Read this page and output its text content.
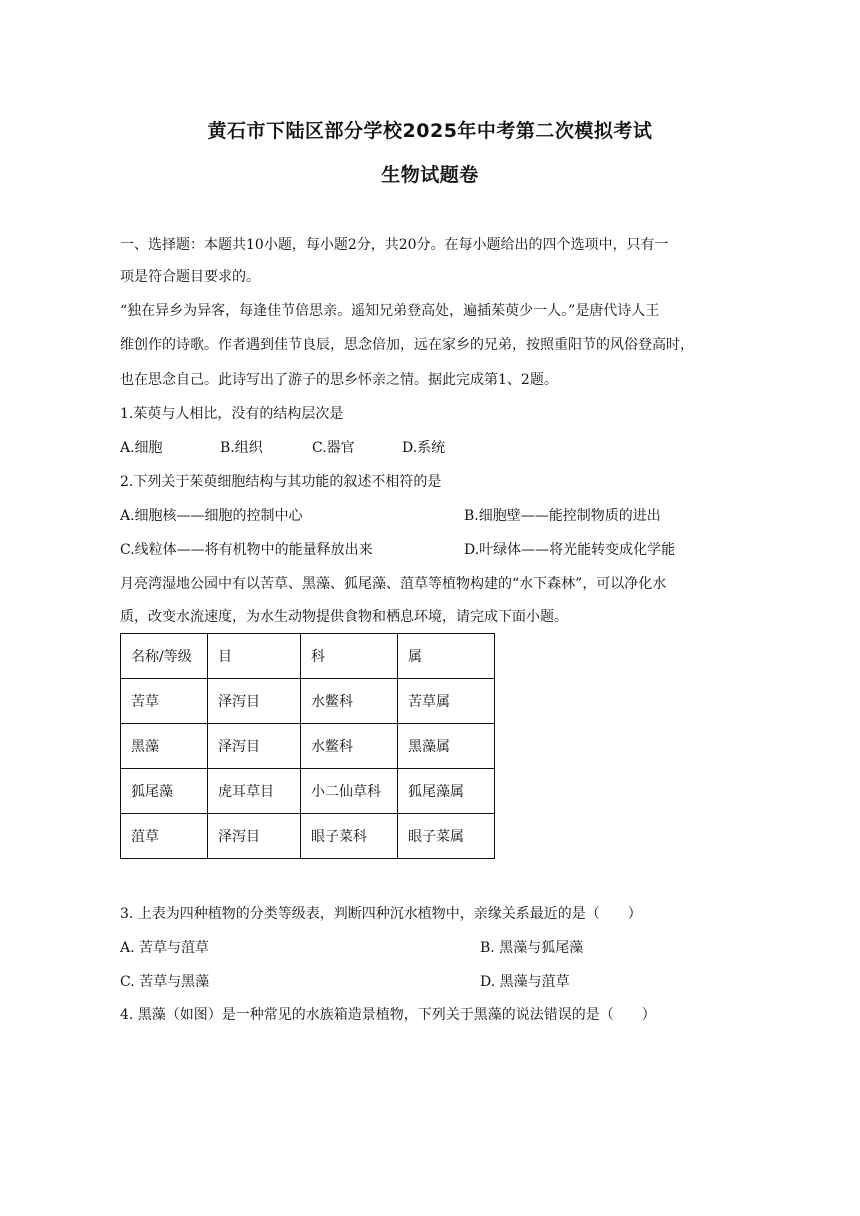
黄石市下陆区部分学校2025年中考第二次模拟考试
生物试题卷
一、选择题：本题共10小题，每小题2分，共20分。在每小题给出的四个选项中，只有一
项是符合题目要求的。
“独在异乡为异客，每逢佳节倍思亲。遥知兄弟登高处，遍插茱萸少一人。”是唐代诗人王
维创作的诗歌。作者遇到佳节良辰，思念倍加，远在家乡的兄弟，按照重阳节的风俗登高时，
也在思念自己。此诗写出了游子的思乡怀亲之情。据此完成第1、2题。
1.茱萸与人相比，没有的结构层次是
A.细胞	B.组织	C.器官	D.系统
2.下列关于茱萸细胞结构与其功能的叙述不相符的是
A.细胞核——细胞的控制中心	B.细胞壁——能控制物质的进出
C.线粒体——将有机物中的能量释放出来	D.叶绿体——将光能转变成化学能
月亮湾湿地公园中有以苦草、黑藻、狐尾藻、菹草等植物构建的“水下森林”，可以净化水
质，改变水流速度，为水生动物提供食物和栖息环境，请完成下面小题。
名称/等级	目	科	属
苦草	泽泻目	水鳖科	苦草属
黑藻	泽泻目	水鳖科	黑藻属
狐尾藻	虎耳草目	小二仙草科	狐尾藻属
菹草	泽泻目	眼子菜科	眼子菜属
3. 上表为四种植物的分类等级表，判断四种沉水植物中，亲缘关系最近的是（　　）
A. 苦草与菹草	B. 黑藻与狐尾藻
C. 苦草与黑藻	D. 黑藻与菹草
4. 黑藻（如图）是一种常见的水族箱造景植物，下列关于黑藻的说法错误的是（　　）
